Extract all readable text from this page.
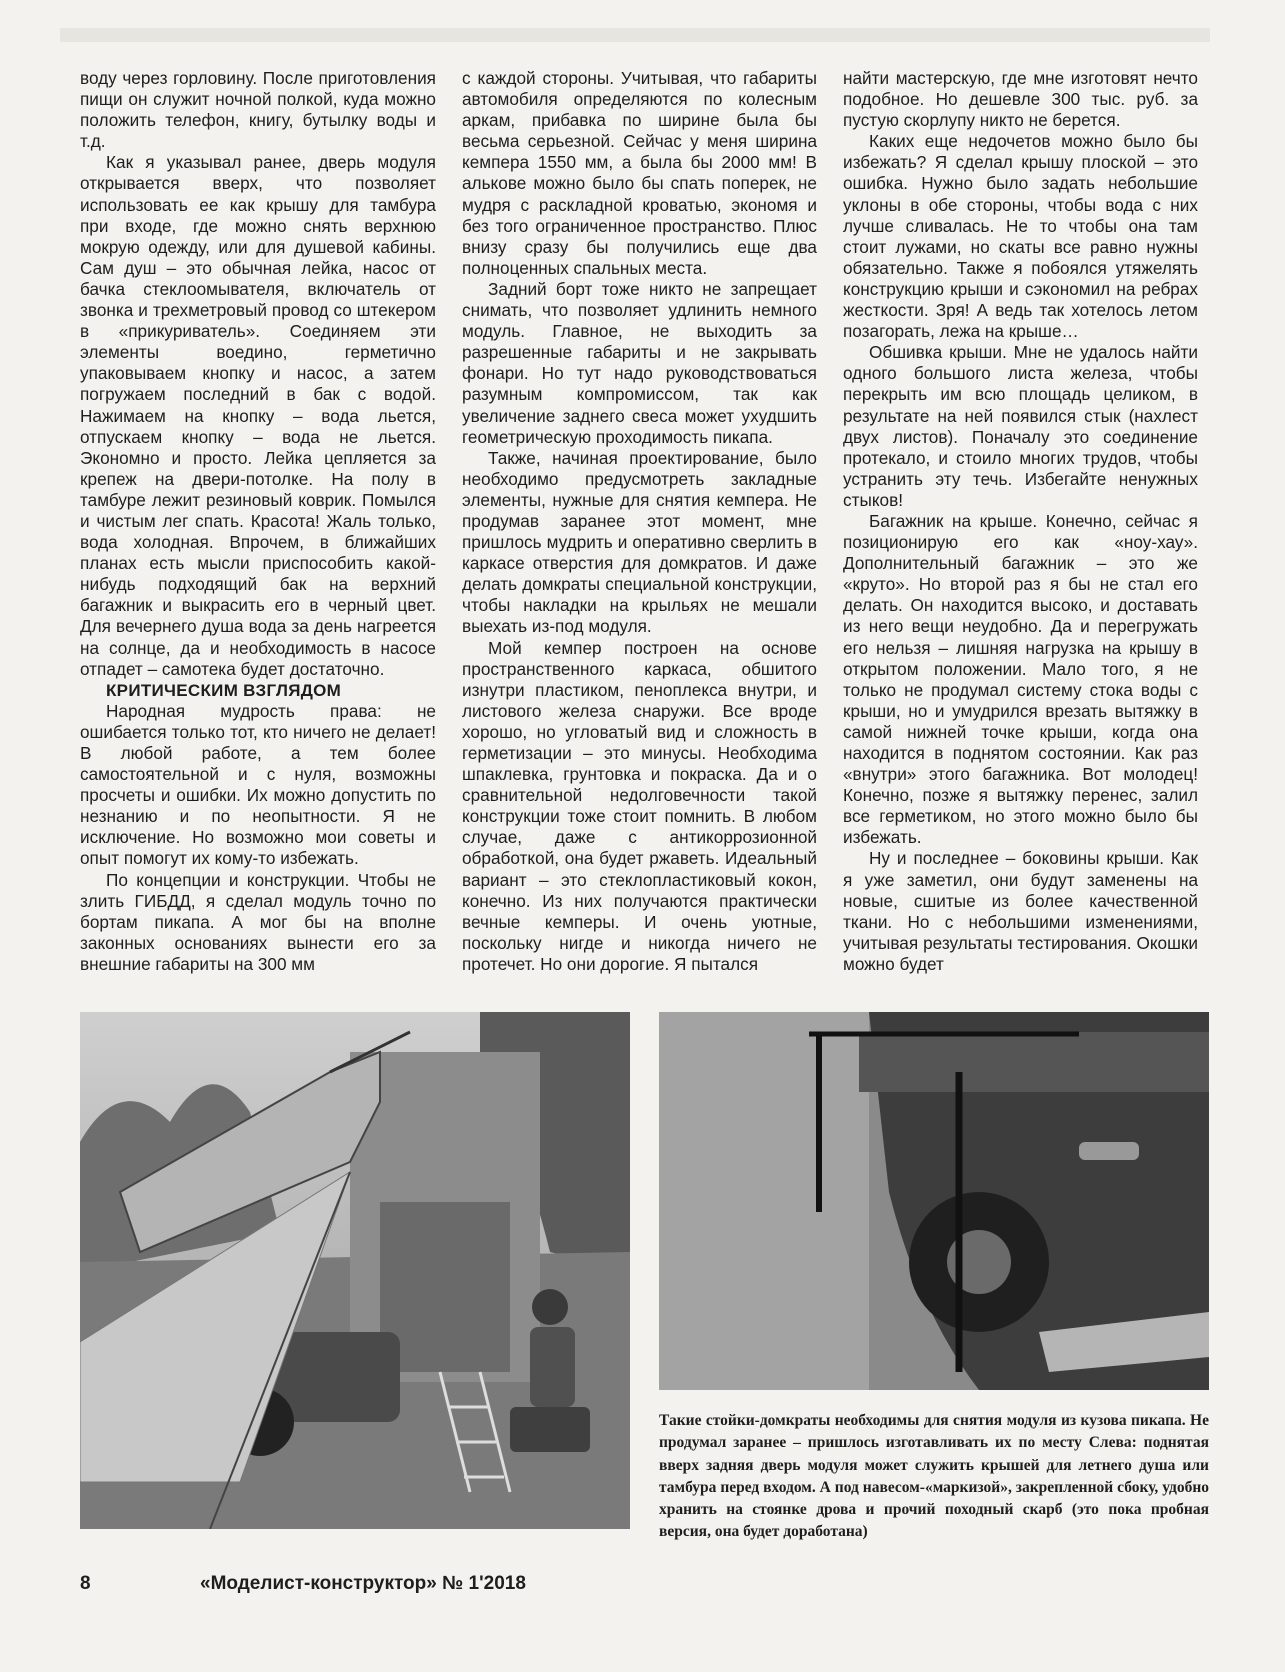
воду через горловину. После приготовления пищи он служит ночной полкой, куда можно положить телефон, книгу, бутылку воды и т.д.

Как я указывал ранее, дверь модуля открывается вверх, что позволяет использовать ее как крышу для тамбура при входе, где можно снять верхнюю мокрую одежду, или для душевой кабины. Сам душ – это обычная лейка, насос от бачка стеклоомывателя, включатель от звонка и трехметровый провод со штекером в «прикуриватель». Соединяем эти элементы воедино, герметично упаковываем кнопку и насос, а затем погружаем последний в бак с водой. Нажимаем на кнопку – вода льется, отпускаем кнопку – вода не льется. Экономно и просто. Лейка цепляется за крепеж на двери-потолке. На полу в тамбуре лежит резиновый коврик. Помылся и чистым лег спать. Красота! Жаль только, вода холодная. Впрочем, в ближайших планах есть мысли приспособить какой-нибудь подходящий бак на верхний багажник и выкрасить его в черный цвет. Для вечернего душа вода за день нагреется на солнце, да и необходимость в насосе отпадет – самотека будет достаточно.

КРИТИЧЕСКИМ ВЗГЛЯДОМ

Народная мудрость права: не ошибается только тот, кто ничего не делает! В любой работе, а тем более самостоятельной и с нуля, возможны просчеты и ошибки. Их можно допустить по незнанию и по неопытности. Я не исключение. Но возможно мои советы и опыт помогут их кому-то избежать.

По концепции и конструкции. Чтобы не злить ГИБДД, я сделал модуль точно по бортам пикапа. А мог бы на вполне законных основаниях вынести его за внешние габариты на 300 мм

с каждой стороны. Учитывая, что габариты автомобиля определяются по колесным аркам, прибавка по ширине была бы весьма серьезной. Сейчас у меня ширина кемпера 1550 мм, а была бы 2000 мм! В алькове можно было бы спать поперек, не мудря с раскладной кроватью, экономя и без того ограниченное пространство. Плюс внизу сразу бы получились еще два полноценных спальных места.

Задний борт тоже никто не запрещает снимать, что позволяет удлинить немного модуль. Главное, не выходить за разрешенные габариты и не закрывать фонари. Но тут надо руководствоваться разумным компромиссом, так как увеличение заднего свеса может ухудшить геометрическую проходимость пикапа.

Также, начиная проектирование, было необходимо предусмотреть закладные элементы, нужные для снятия кемпера. Не продумав заранее этот момент, мне пришлось мудрить и оперативно сверлить в каркасе отверстия для домкратов. И даже делать домкраты специальной конструкции, чтобы накладки на крыльях не мешали выехать из-под модуля.

Мой кемпер построен на основе пространственного каркаса, обшитого изнутри пластиком, пеноплекса внутри, и листового железа снаружи. Все вроде хорошо, но угловатый вид и сложность в герметизации – это минусы. Необходима шпаклевка, грунтовка и покраска. Да и о сравнительной недолговечности такой конструкции тоже стоит помнить. В любом случае, даже с антикоррозионной обработкой, она будет ржаветь. Идеальный вариант – это стеклопластиковый кокон, конечно. Из них получаются практически вечные кемперы. И очень уютные, поскольку нигде и никогда ничего не протечет. Но они дорогие. Я пытался

найти мастерскую, где мне изготовят нечто подобное. Но дешевле 300 тыс. руб. за пустую скорлупу никто не берется.

Каких еще недочетов можно было бы избежать? Я сделал крышу плоской – это ошибка. Нужно было задать небольшие уклоны в обе стороны, чтобы вода с них лучше сливалась. Не то чтобы она там стоит лужами, но скаты все равно нужны обязательно. Также я побоялся утяжелять конструкцию крыши и сэкономил на ребрах жесткости. Зря! А ведь так хотелось летом позагорать, лежа на крыше…

Обшивка крыши. Мне не удалось найти одного большого листа железа, чтобы перекрыть им всю площадь целиком, в результате на ней появился стык (нахлест двух листов). Поначалу это соединение протекало, и стоило многих трудов, чтобы устранить эту течь. Избегайте ненужных стыков!

Багажник на крыше. Конечно, сейчас я позиционирую его как «ноу-хау». Дополнительный багажник – это же «круто». Но второй раз я бы не стал его делать. Он находится высоко, и доставать из него вещи неудобно. Да и перегружать его нельзя – лишняя нагрузка на крышу в открытом положении. Мало того, я не только не продумал систему стока воды с крыши, но и умудрился врезать вытяжку в самой нижней точке крыши, когда она находится в поднятом состоянии. Как раз «внутри» этого багажника. Вот молодец! Конечно, позже я вытяжку перенес, залил все герметиком, но этого можно было бы избежать.

Ну и последнее – боковины крыши. Как я уже заметил, они будут заменены на новые, сшитые из более качественной ткани. Но с небольшими изменениями, учитывая результаты тестирования. Окошки можно будет

Такие стойки-домкраты необходимы для снятия модуля из кузова пикапа. Не продумал заранее – пришлось изготавливать их по месту Слева: поднятая вверх задняя дверь модуля может служить крышей для летнего душа или тамбура перед входом. А под навесом-«маркизой», закрепленной сбоку, удобно хранить на стоянке дрова и прочий походный скарб (это пока пробная версия, она будет доработана)
8	«Моделист-конструктор» № 1'2018
